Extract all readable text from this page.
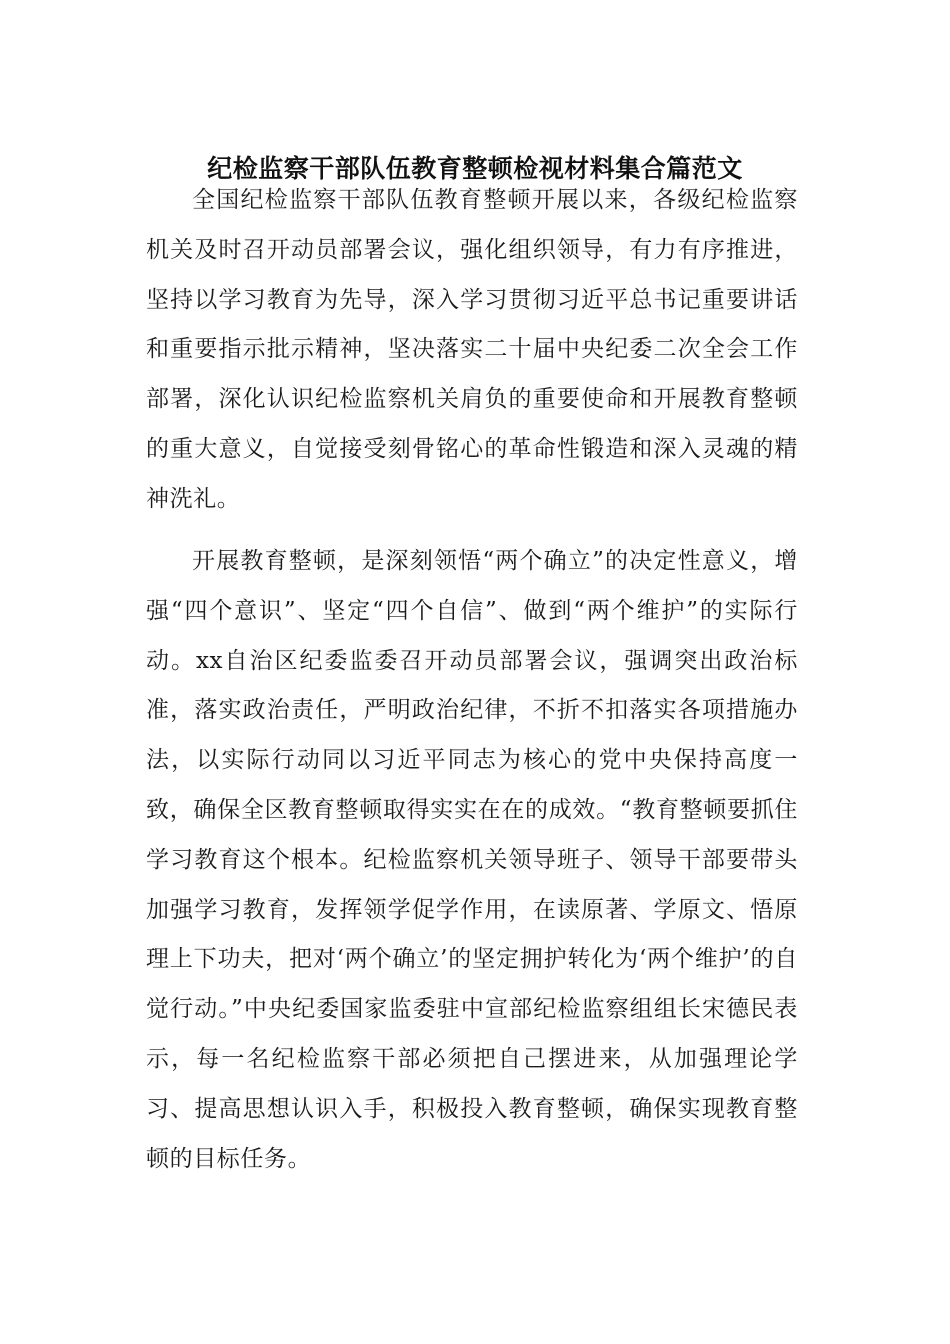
纪检监察干部队伍教育整顿检视材料集合篇范文

全国纪检监察干部队伍教育整顿开展以来，各级纪检监察机关及时召开动员部署会议，强化组织领导，有力有序推进，坚持以学习教育为先导，深入学习贯彻习近平总书记重要讲话和重要指示批示精神，坚决落实二十届中央纪委二次全会工作部署，深化认识纪检监察机关肩负的重要使命和开展教育整顿的重大意义，自觉接受刻骨铭心的革命性锻造和深入灵魂的精神洗礼。

开展教育整顿，是深刻领悟“两个确立”的决定性意义，增强“四个意识”、坚定“四个自信”、做到“两个维护”的实际行动。xx自治区纪委监委召开动员部署会议，强调突出政治标准，落实政治责任，严明政治纪律，不折不扣落实各项措施办法，以实际行动同以习近平同志为核心的党中央保持高度一致，确保全区教育整顿取得实实在在的成效。“教育整顿要抓住学习教育这个根本。纪检监察机关领导班子、领导干部要带头加强学习教育，发挥领学促学作用，在读原著、学原文、悟原理上下功夫，把对‘两个确立’的坚定拥护转化为‘两个维护’的自觉行动。”中央纪委国家监委驻中宣部纪检监察组组长宋德民表示，每一名纪检监察干部必须把自己摆进来，从加强理论学习、提高思想认识入手，积极投入教育整顿，确保实现教育整顿的目标任务。
